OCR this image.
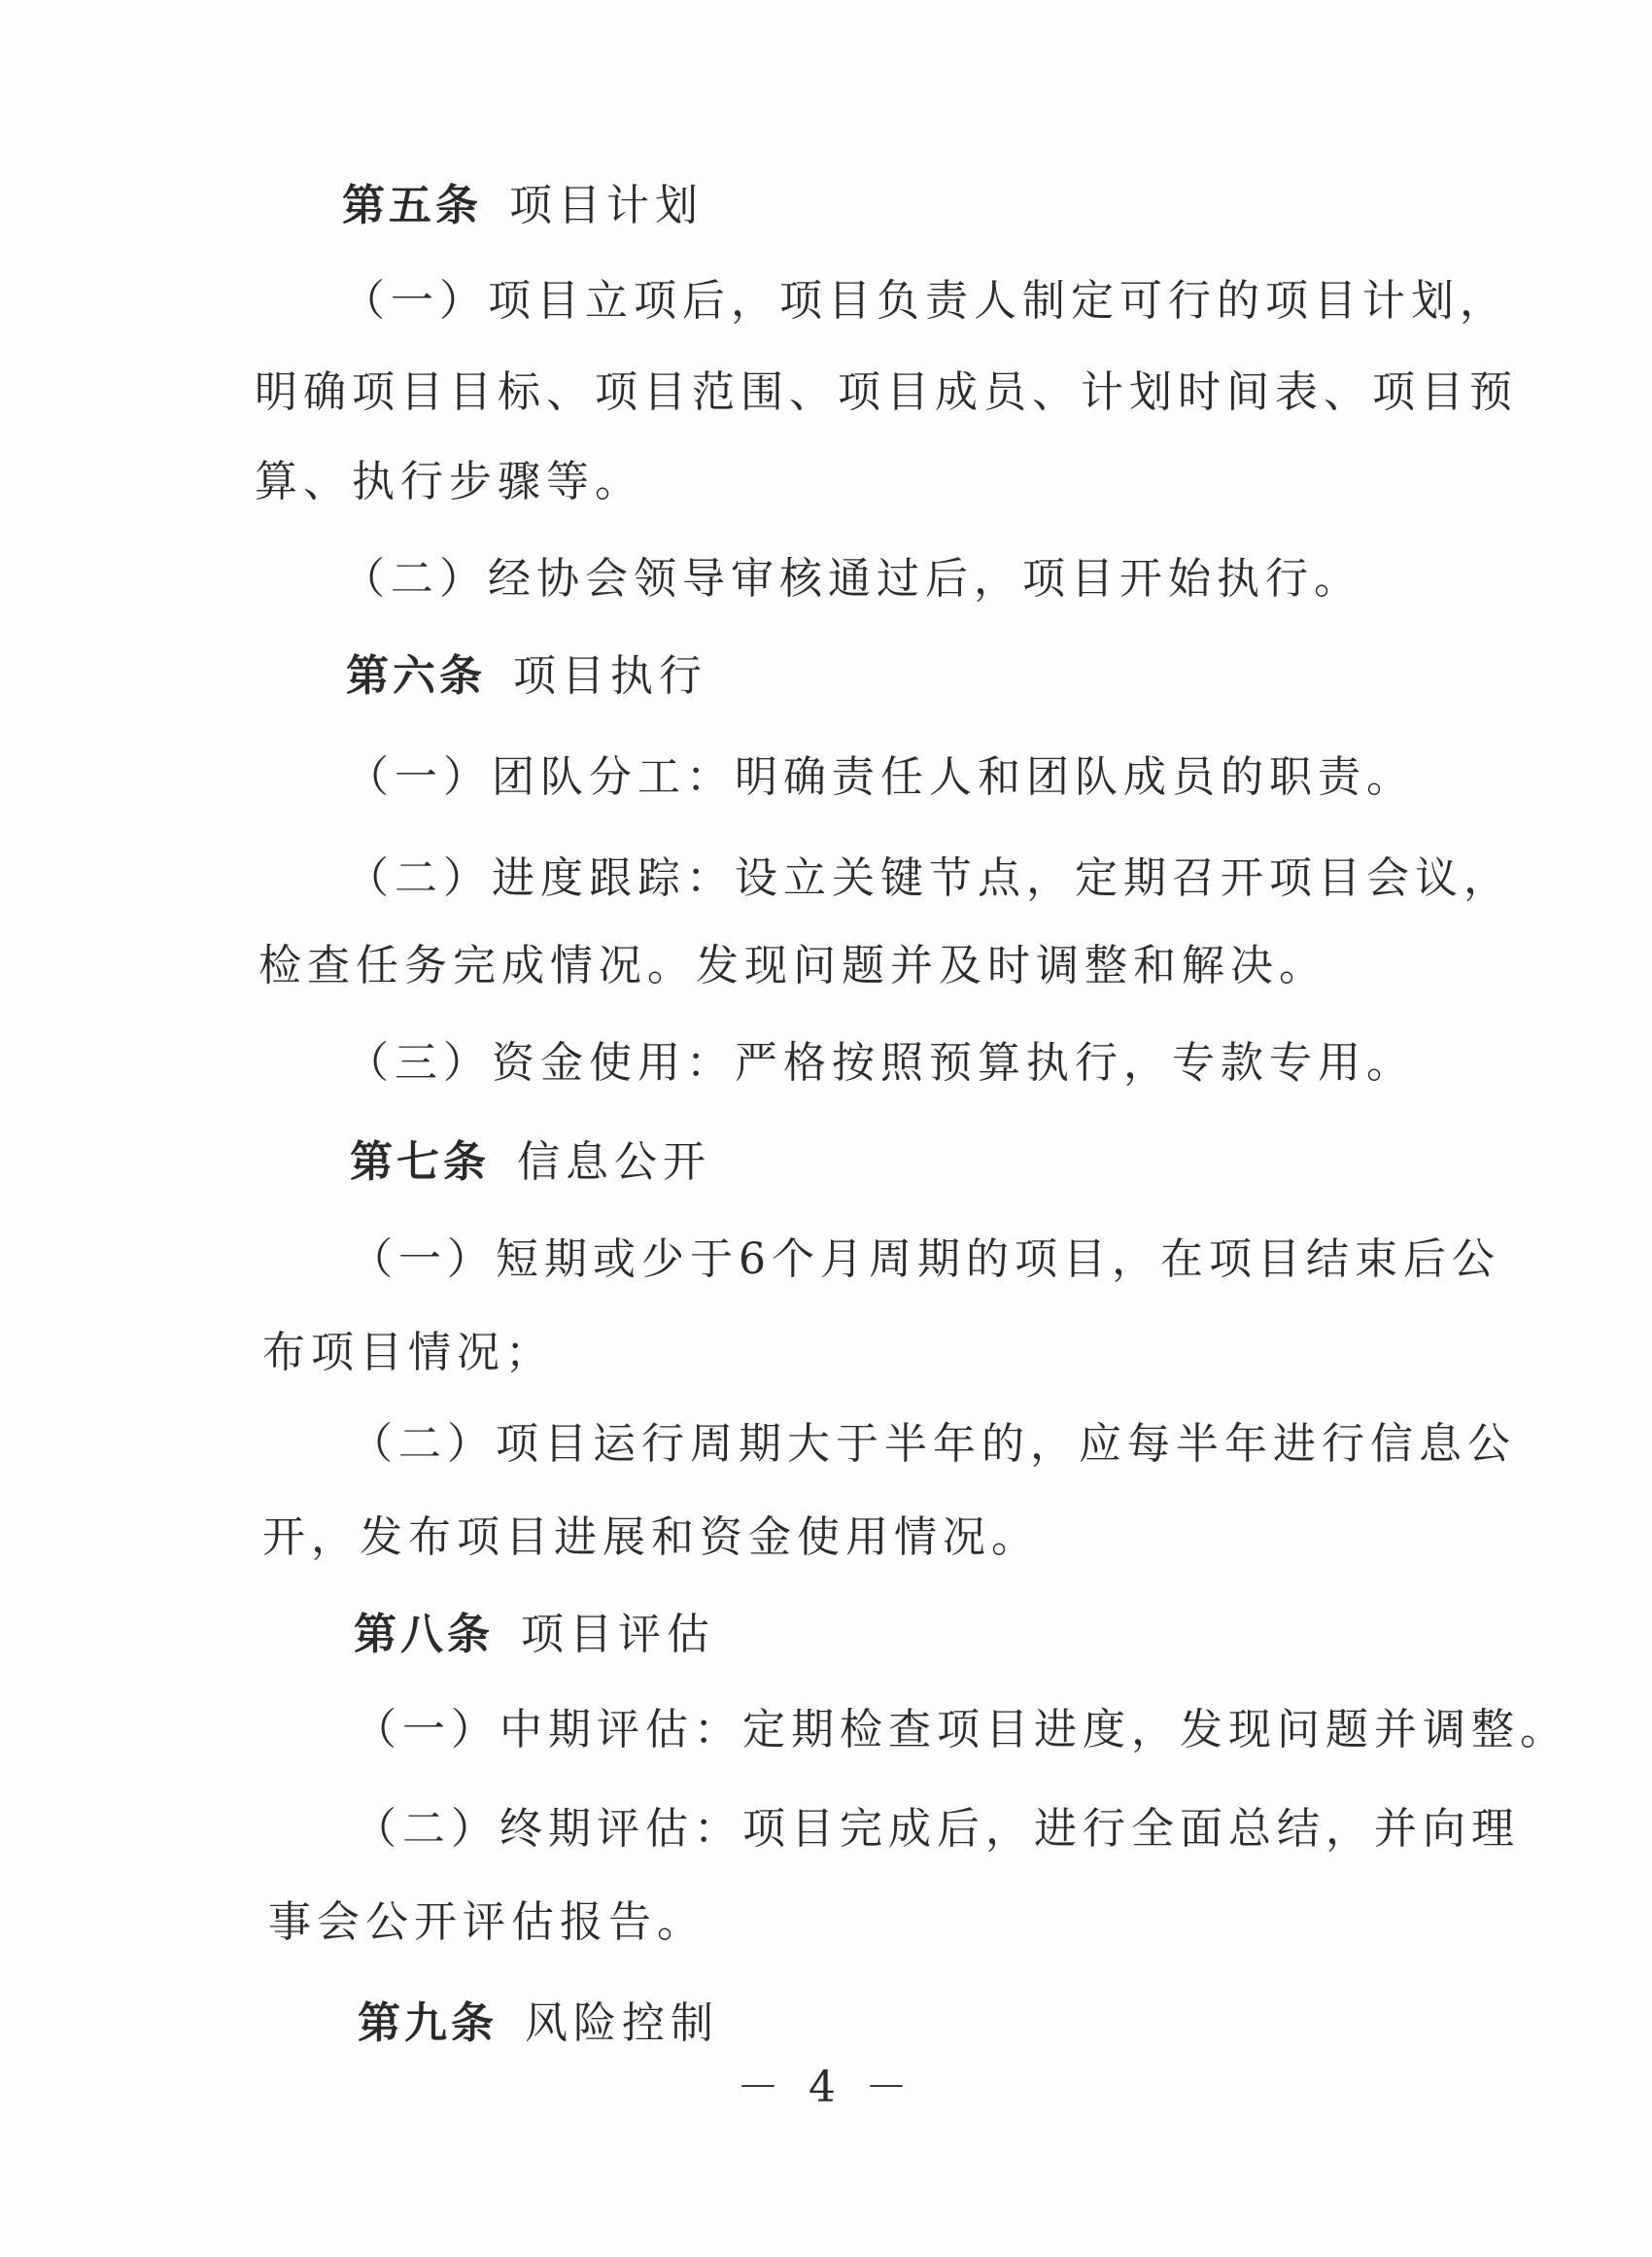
第五条 项目计划
（一）项目立项后，项目负责人制定可行的项目计划，
明确项目目标、项目范围、项目成员、计划时间表、项目预
算、执行步骤等。
（二）经协会领导审核通过后，项目开始执行。
第六条 项目执行
（一）团队分工：明确责任人和团队成员的职责。
（二）进度跟踪：设立关键节点，定期召开项目会议，
检查任务完成情况。发现问题并及时调整和解决。
（三）资金使用：严格按照预算执行，专款专用。
第七条 信息公开
（一）短期或少于6个月周期的项目，在项目结束后公
布项目情况；
（二）项目运行周期大于半年的，应每半年进行信息公
开，发布项目进展和资金使用情况。
第八条 项目评估
（一）中期评估：定期检查项目进度，发现问题并调整。
（二）终期评估：项目完成后，进行全面总结，并向理
事会公开评估报告。
第九条 风险控制
－ 4 －
